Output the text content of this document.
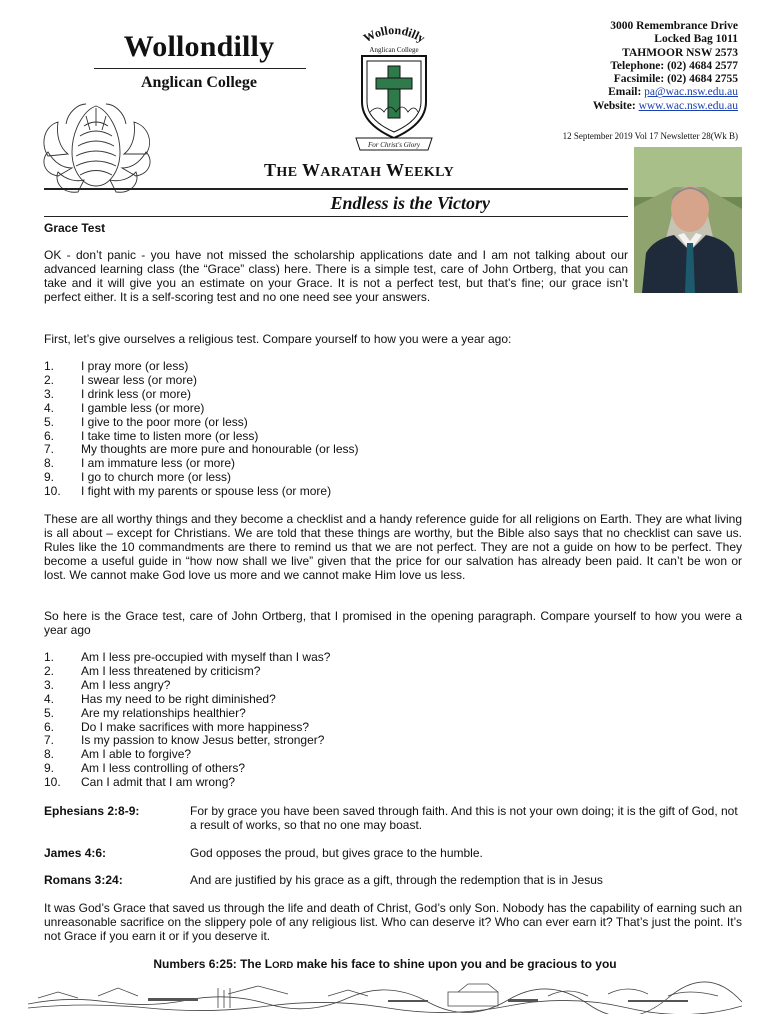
Wollondilly
Anglican College
Wollondilly
Anglican College
For Christ's Glory
3000 Remembrance Drive
Locked Bag 1011
TAHMOOR NSW 2573
Telephone: (02) 4684 2577
Facsimile: (02) 4684 2755
Email: pa@wac.nsw.edu.au
Website: www.wac.nsw.edu.au
12 September 2019 Vol 17 Newsletter 28(Wk B)
THE WARATAH WEEKLY
Endless is the Victory
Grace Test
OK - don’t panic - you have not missed the scholarship applications date and I am not talking about our advanced learning class (the “Grace” class) here. There is a simple test, care of John Ortberg, that you can take and it will give you an estimate on your Grace. It is not a perfect test, but that’s fine; our grace isn’t perfect either. It is a self-scoring test and no one need see your answers.
First, let’s give ourselves a religious test. Compare yourself to how you were a year ago:
1.	I pray more (or less)
2.	I swear less (or more)
3.	I drink less (or more)
4.	I gamble less (or more)
5.	I give to the poor more (or less)
6.	I take time to listen more (or less)
7.	My thoughts are more pure and honourable (or less)
8.	I am immature less (or more)
9.	I go to church more (or less)
10.	I fight with my parents or spouse less (or more)
These are all worthy things and they become a checklist and a handy reference guide for all religions on Earth. They are what living is all about – except for Christians. We are told that these things are worthy, but the Bible also says that no checklist can save us. Rules like the 10 commandments are there to remind us that we are not perfect. They are not a guide on how to be perfect. They become a useful guide in “how now shall we live” given that the price for our salvation has already been paid. It can’t be won or lost. We cannot make God love us more and we cannot make Him love us less.
So here is the Grace test, care of John Ortberg, that I promised in the opening paragraph. Compare yourself to how you were a year ago
1.	Am I less pre-occupied with myself than I was?
2.	Am I less threatened by criticism?
3.	Am I less angry?
4.	Has my need to be right diminished?
5.	Are my relationships healthier?
6.	Do I make sacrifices with more happiness?
7.	Is my passion to know Jesus better, stronger?
8.	Am I able to forgive?
9.	Am I less controlling of others?
10.	Can I admit that I am wrong?
Ephesians 2:8-9:	For by grace you have been saved through faith. And this is not your own doing; it is the gift of God, not a result of works, so that no one may boast.
James 4:6:	God opposes the proud, but gives grace to the humble.
Romans 3:24:	And are justified by his grace as a gift, through the redemption that is in Jesus
It was God’s Grace that saved us through the life and death of Christ, God’s only Son. Nobody has the capability of earning such an unreasonable sacrifice on the slippery pole of any religious list. Who can deserve it? Who can ever earn it? That’s just the point. It’s not Grace if you earn it or if you deserve it.
Numbers 6:25: The LORD make his face to shine upon you and be gracious to you
